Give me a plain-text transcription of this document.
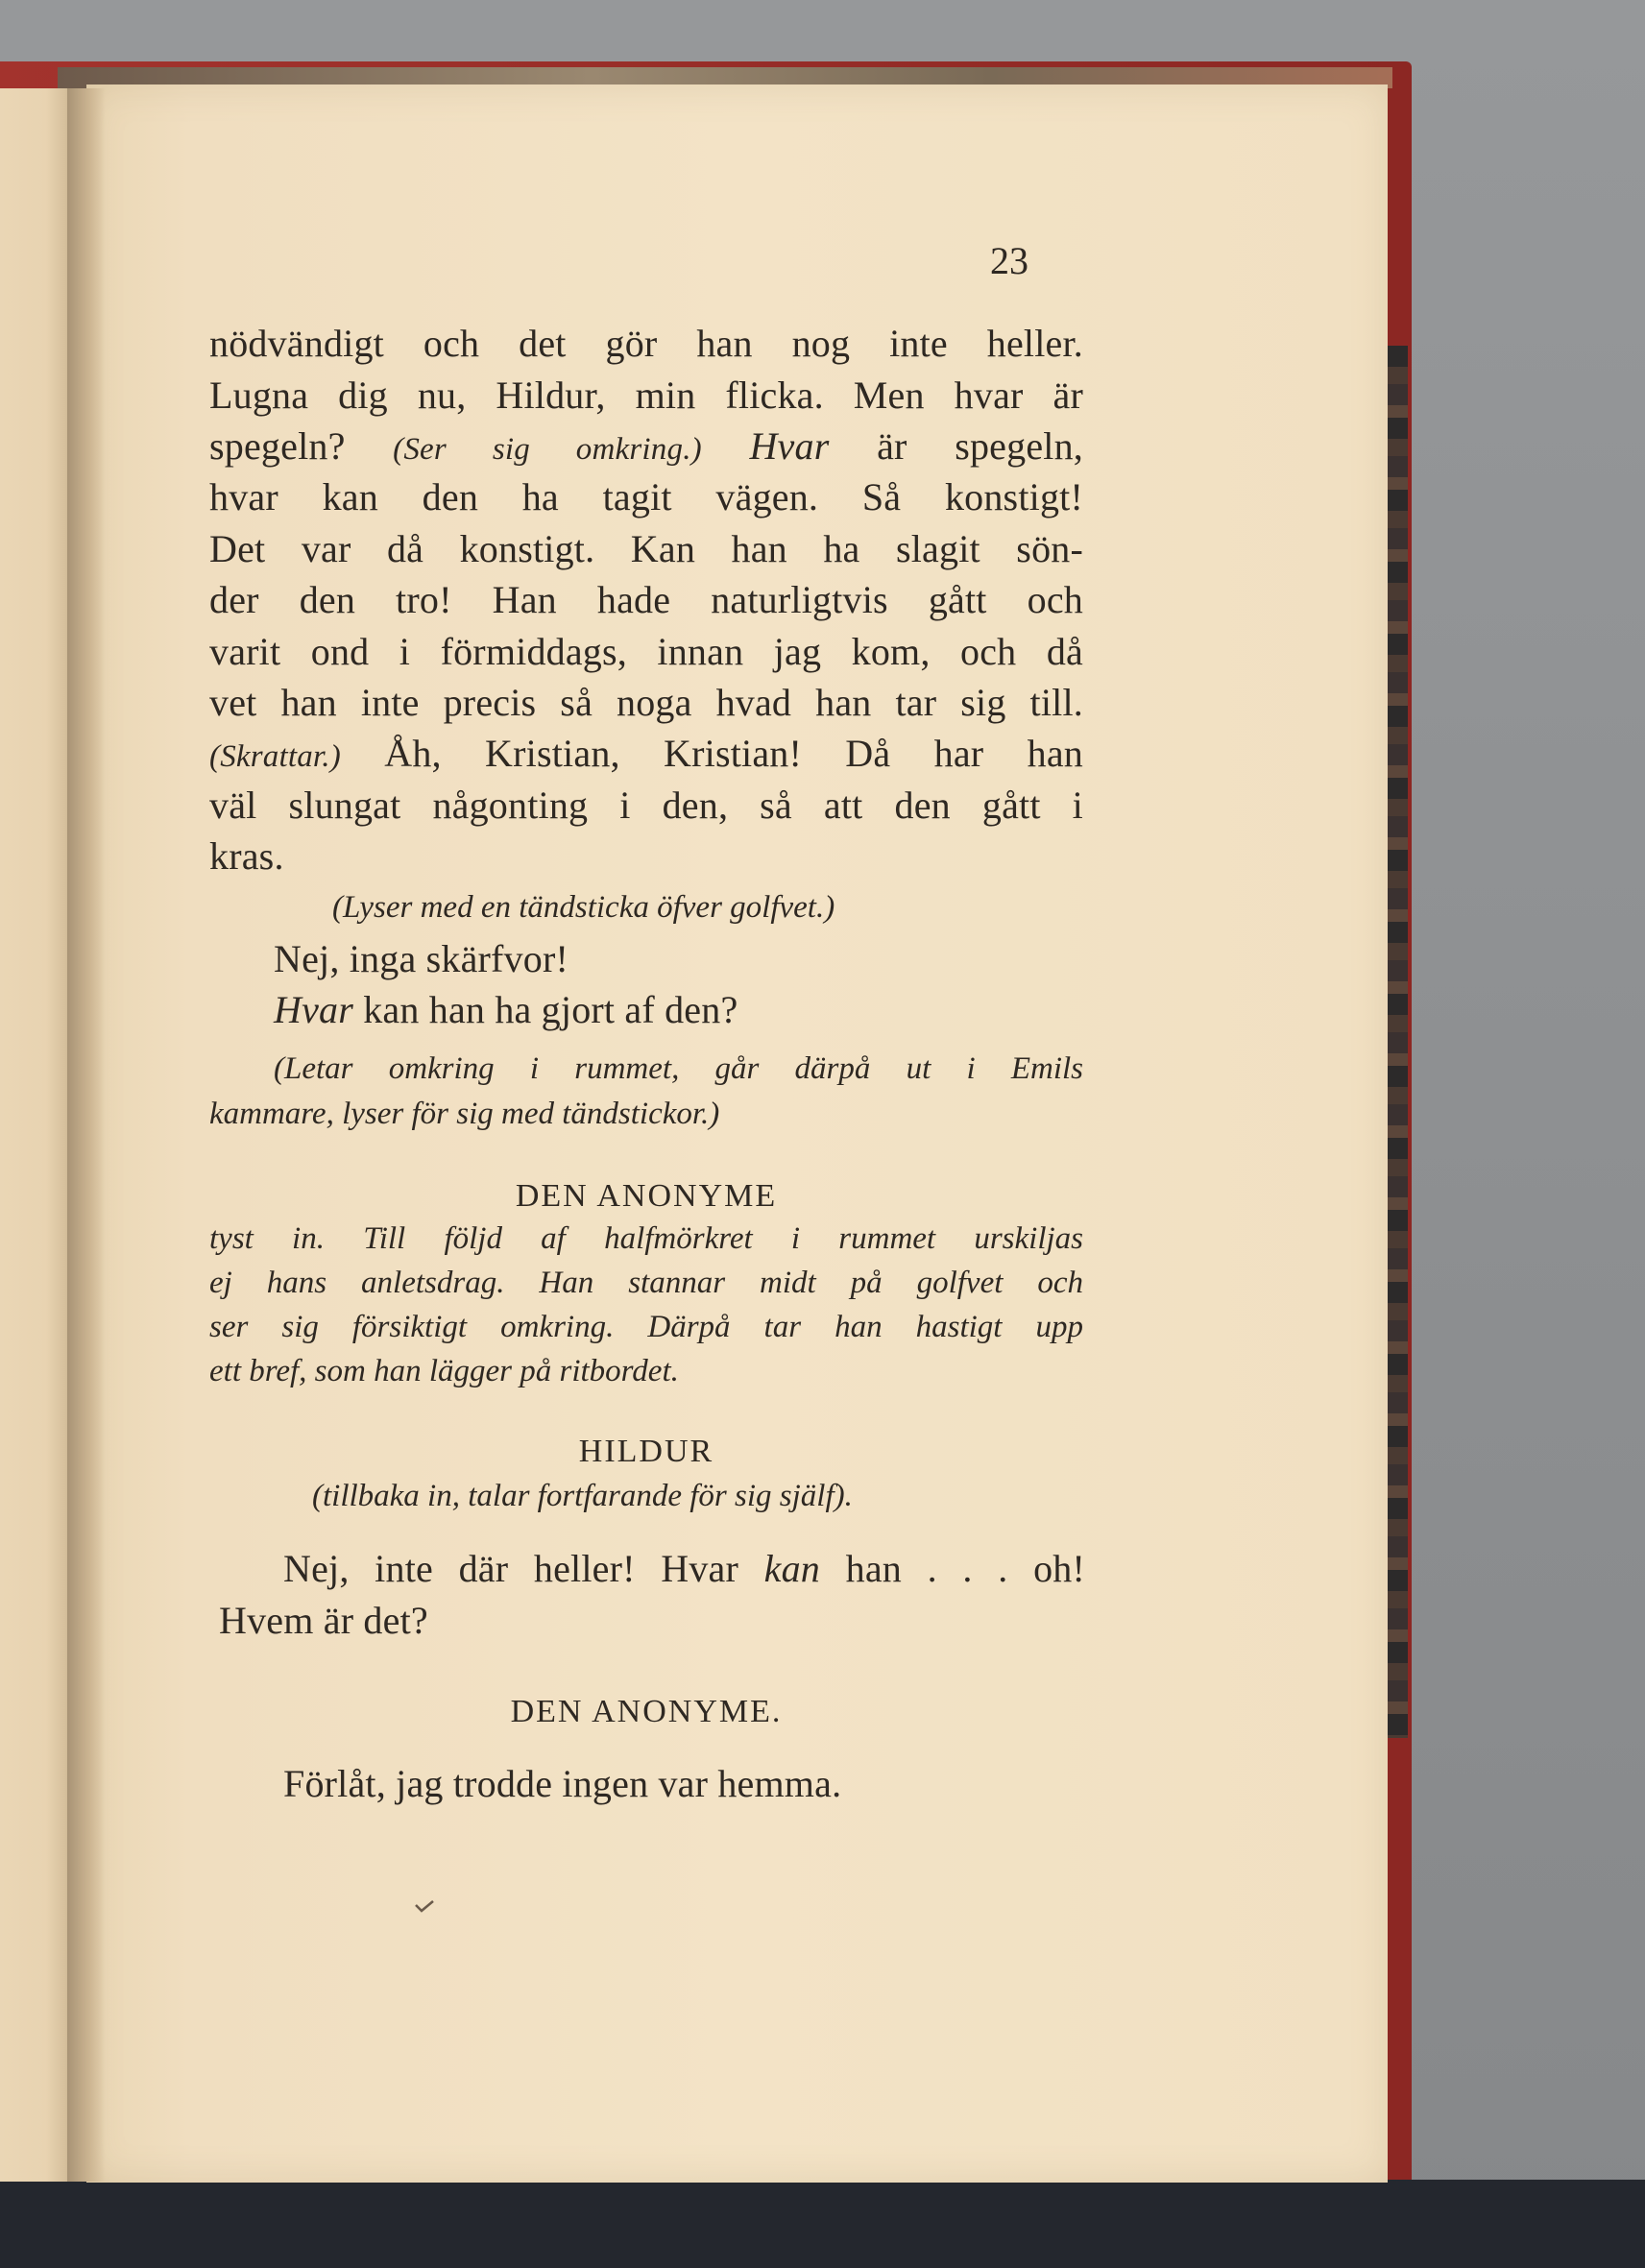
23
nödvändigt och det gör han nog inte heller.
Lugna dig nu, Hildur, min flicka. Men hvar är
spegeln? (Ser sig omkring.) Hvar är spegeln,
hvar kan den ha tagit vägen. Så konstigt!
Det var då konstigt. Kan han ha slagit sön-
der den tro! Han hade naturligtvis gått och
varit ond i förmiddags, innan jag kom, och då
vet han inte precis så noga hvad han tar sig till.
(Skrattar.) Åh, Kristian, Kristian! Då har han
väl slungat någonting i den, så att den gått i
kras.
(Lyser med en tändsticka öfver golfvet.)
Nej, inga skärfvor!
Hvar kan han ha gjort af den?
(Letar omkring i rummet, går därpå ut i Emils
kammare, lyser för sig med tändstickor.)
DEN ANONYME
tyst in. Till följd af halfmörkret i rummet urskiljas
ej hans anletsdrag. Han stannar midt på golfvet och
ser sig försiktigt omkring. Därpå tar han hastigt upp
ett bref, som han lägger på ritbordet.
HILDUR
(tillbaka in, talar fortfarande för sig själf).
Nej, inte där heller! Hvar kan han . . . oh!
Hvem är det?
DEN ANONYME.
Förlåt, jag trodde ingen var hemma.
